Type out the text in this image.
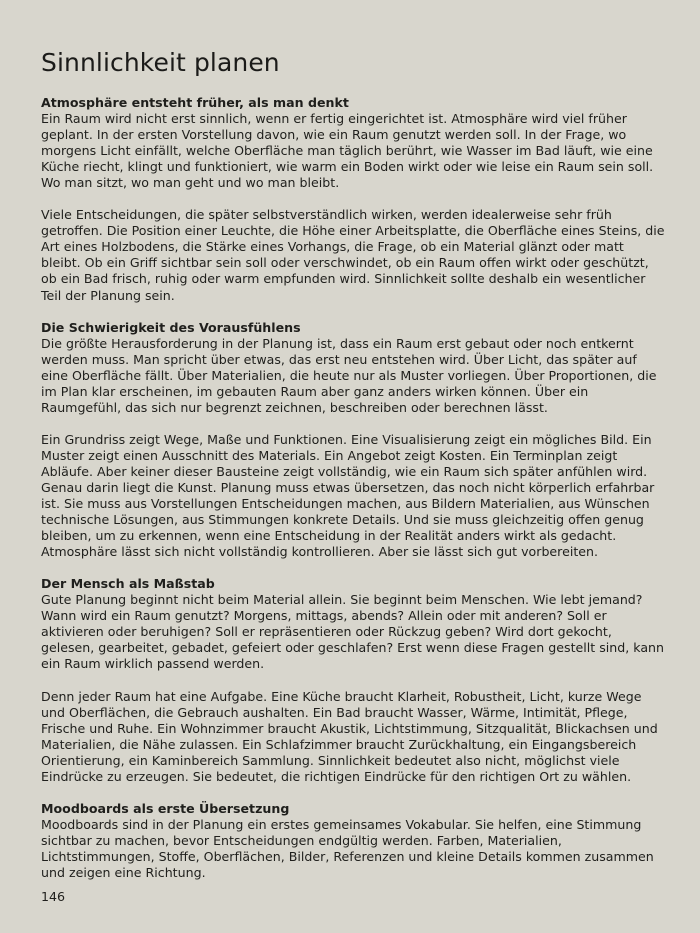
Sinnlichkeit planen
Atmosphäre entsteht früher, als man denkt

Ein Raum wird nicht erst sinnlich, wenn er fertig eingerichtet ist. Atmosphäre wird viel früher geplant. In der ersten Vorstellung davon, wie ein Raum genutzt werden soll. In der Frage, wo morgens Licht einfällt, welche Oberfläche man täglich berührt, wie Wasser im Bad läuft, wie eine Küche riecht, klingt und funktioniert, wie warm ein Boden wirkt oder wie leise ein Raum sein soll. Wo man sitzt, wo man geht und wo man bleibt.

Viele Entscheidungen, die später selbstverständlich wirken, werden idealerweise sehr früh getroffen. Die Position einer Leuchte, die Höhe einer Arbeitsplatte, die Oberfläche eines Steins, die Art eines Holzbodens, die Stärke eines Vorhangs, die Frage, ob ein Material glänzt oder matt bleibt. Ob ein Griff sichtbar sein soll oder verschwindet, ob ein Raum offen wirkt oder geschützt, ob ein Bad frisch, ruhig oder warm empfunden wird. Sinnlichkeit sollte deshalb ein wesentlicher Teil der Planung sein.

Die Schwierigkeit des Vorausfühlens

Die größte Herausforderung in der Planung ist, dass ein Raum erst gebaut oder noch entkernt werden muss. Man spricht über etwas, das erst neu entstehen wird. Über Licht, das später auf eine Oberfläche fällt. Über Materialien, die heute nur als Muster vorliegen. Über Proportionen, die im Plan klar erscheinen, im gebauten Raum aber ganz anders wirken können. Über ein Raumgefühl, das sich nur begrenzt zeichnen, beschreiben oder berechnen lässt.

Ein Grundriss zeigt Wege, Maße und Funktionen. Eine Visualisierung zeigt ein mögliches Bild. Ein Muster zeigt einen Ausschnitt des Materials. Ein Angebot zeigt Kosten. Ein Terminplan zeigt Abläufe. Aber keiner dieser Bausteine zeigt vollständig, wie ein Raum sich später anfühlen wird. Genau darin liegt die Kunst. Planung muss etwas übersetzen, das noch nicht körperlich erfahrbar ist. Sie muss aus Vorstellungen Entscheidungen machen, aus Bildern Materialien, aus Wünschen technische Lösungen, aus Stimmungen konkrete Details. Und sie muss gleichzeitig offen genug bleiben, um zu erkennen, wenn eine Entscheidung in der Realität anders wirkt als gedacht. Atmosphäre lässt sich nicht vollständig kontrollieren. Aber sie lässt sich gut vorbereiten.

Der Mensch als Maßstab

Gute Planung beginnt nicht beim Material allein. Sie beginnt beim Menschen. Wie lebt jemand? Wann wird ein Raum genutzt? Morgens, mittags, abends? Allein oder mit anderen? Soll er aktivieren oder beruhigen? Soll er repräsentieren oder Rückzug geben? Wird dort gekocht, gelesen, gearbeitet, gebadet, gefeiert oder geschlafen? Erst wenn diese Fragen gestellt sind, kann ein Raum wirklich passend werden.

Denn jeder Raum hat eine Aufgabe. Eine Küche braucht Klarheit, Robustheit, Licht, kurze Wege und Oberflächen, die Gebrauch aushalten. Ein Bad braucht Wasser, Wärme, Intimität, Pflege, Frische und Ruhe. Ein Wohnzimmer braucht Akustik, Lichtstimmung, Sitzqualität, Blickachsen und Materialien, die Nähe zulassen. Ein Schlafzimmer braucht Zurückhaltung, ein Eingangsbereich Orientierung, ein Kaminbereich Sammlung. Sinnlichkeit bedeutet also nicht, möglichst viele Eindrücke zu erzeugen. Sie bedeutet, die richtigen Eindrücke für den richtigen Ort zu wählen.

Moodboards als erste Übersetzung

Moodboards sind in der Planung ein erstes gemeinsames Vokabular. Sie helfen, eine Stimmung sichtbar zu machen, bevor Entscheidungen endgültig werden. Farben, Materialien, Lichtstimmungen, Stoffe, Oberflächen, Bilder, Referenzen und kleine Details kommen zusammen und zeigen eine Richtung.

146
